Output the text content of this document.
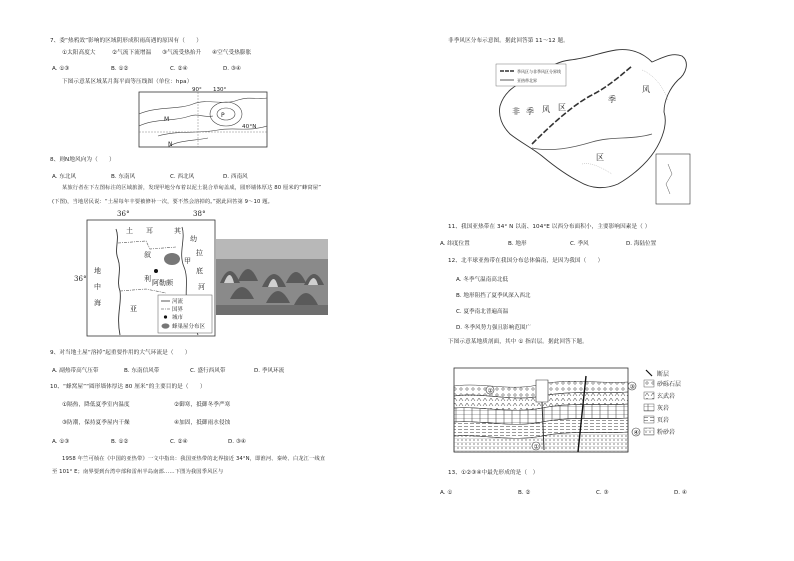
7、娄“热鸦效”影响的区域阴形成积雨高遇的原因有（　　）
①太阳高度大	②气流下流增温 ③气流受热抬升 ④空气受热膨胀
A. ①③	B. ①②	C. ②④	D. ③④
下图示意某区域某月海平面等压线图（单位：hpa）
90° 130°
M
P
N
40°N
8、则N地风向为（　　）
A. 东北风	B. 东南风	C. 西北风	D. 西南风
某旅行者在下左图标注的区域旅游，发现甲地分布着以泥土混合草甸盖成，圆形墙体厚达 80 厘米的“蜂窝屋”
(下图)，当地居民说：“土屋每年丰要被修补一次，要不然会溶掉的。”据此回答第 9～10 题。
36°	38°
36°
土 耳	其
叙
利
亚
地
中
海
甲
幼
拉
底
河
阿勒颇
河流
国界
城市
蜂巢屋分布区
9、对当地土屋“溶掉”起重要作用的大气环流是（　　）
A. 副热带高气压带	B. 东南信风带	C. 盛行西风带	D. 季风环流
10、“蜂窝屋”“圆形墙体厚达 80 厘米”的主要目的是（　　）
①隔热，降低夏季室内温度	②御寒，抵御冬季严寒
③防潮，保持夏季屋内干燥	④加固，抵御雨水侵蚀
A. ①③	B. ①②	C. ②④	D. ③④
1958 年竺可桢在《中国的亚热带》一文中指出：我国亚热带的北界接近 34°N，即淮河、秦岭、白龙江一线直
至 101° E；南界要到台湾中部和雷州半岛南部……下图为我国季风区与
非季风区分布示意图。据此回答第 11～12 题。
季风区与非季风区分界线
亚热带北界
非 季 风 区
季
风
区
11、我国亚热带在 34° N 以南、104°E 以西分布面积小，主要影响因素是（ ）
A. 纬度位置	B. 地形	C. 季风	D. 海陆位置
12、北半球亚热带在我国分布总体偏南，是因为我国（　　）
A. 冬季气温南高北低
B. 地形阻挡了夏季风深入西北
C. 夏季南北普遍高温
D. 冬季风势力强且影响范围广
下图示意某地质剖面，其中 ① 指岩层。据此回答下题。
①
②
③
④
断层
砂砾石层
玄武岩
灰岩
页岩
粉砂岩
13、①②③④中最先形成的是（　）
A. ①	B. ②	C. ③	D. ④
